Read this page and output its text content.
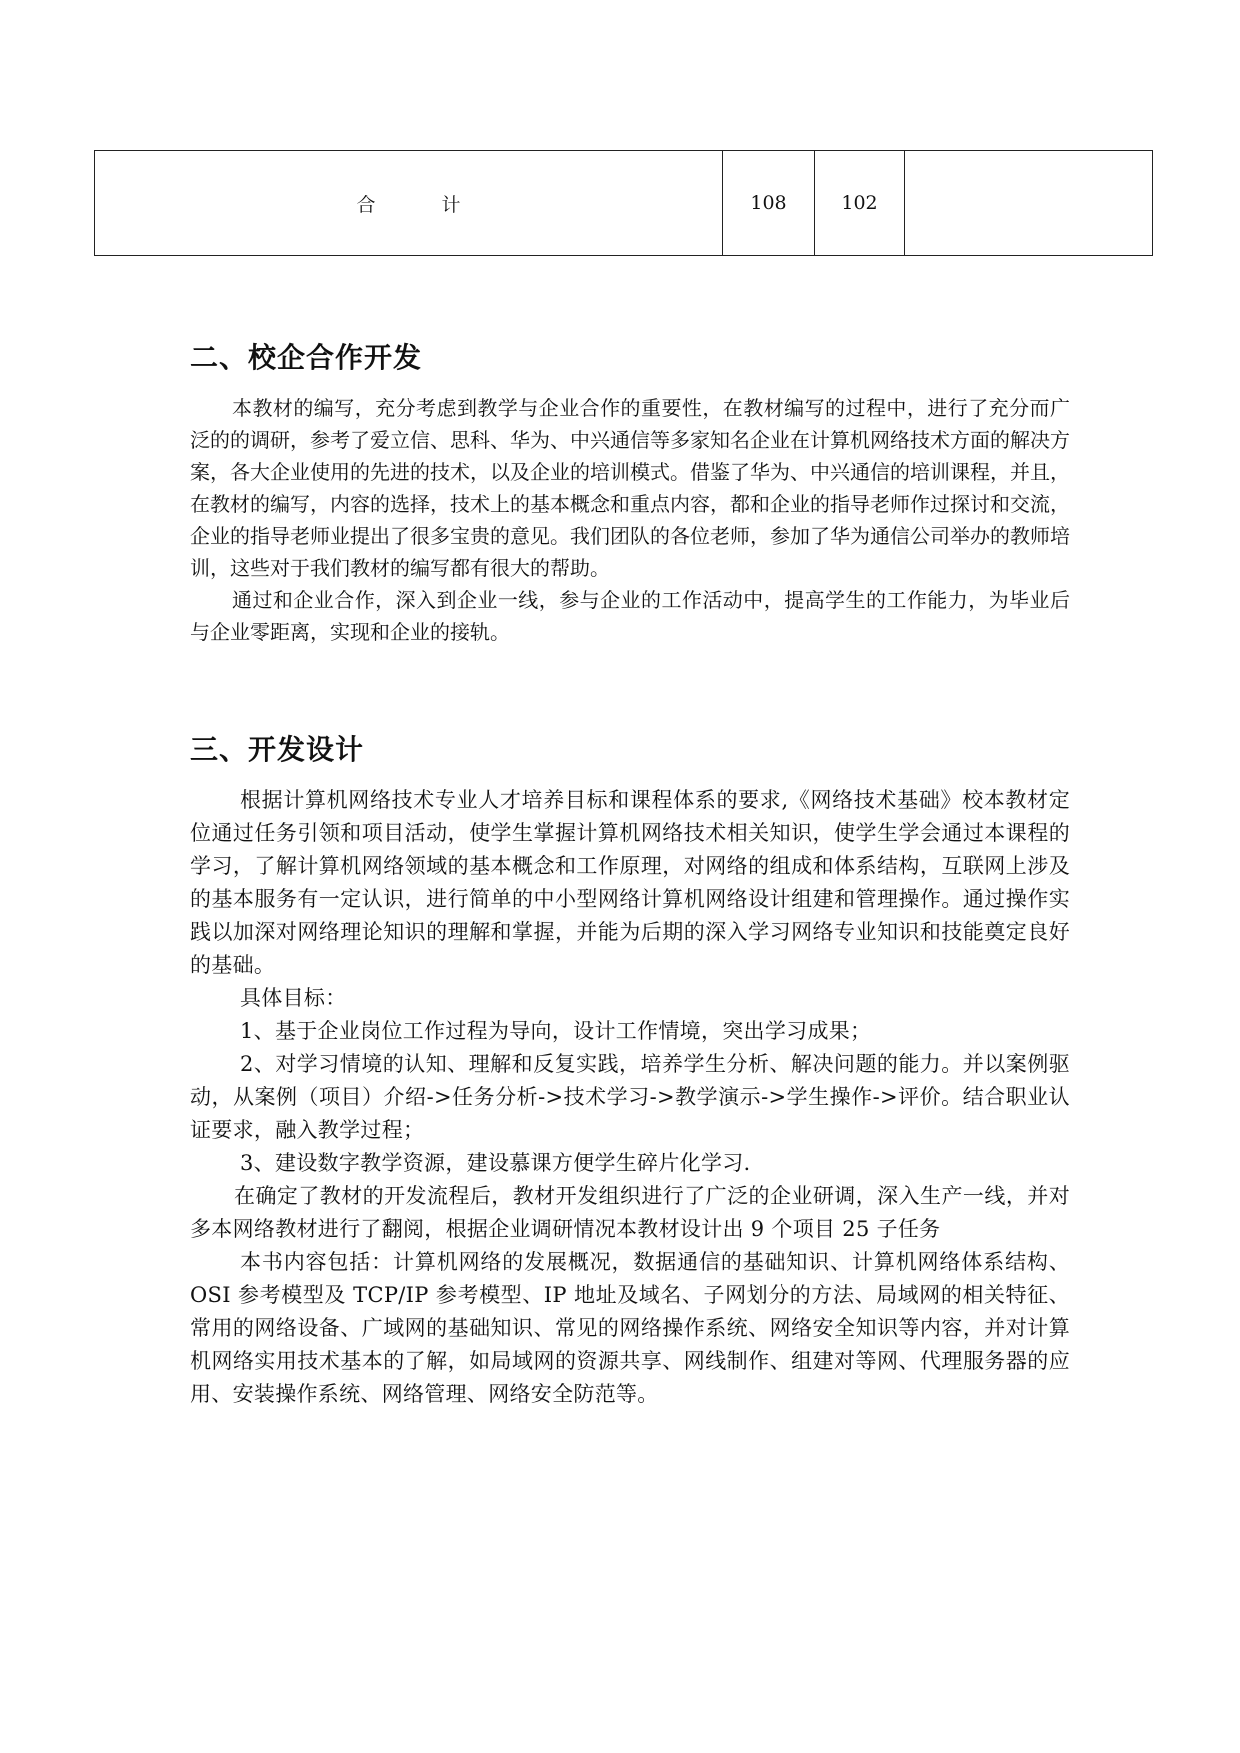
合 计	108	102	
二、校企合作开发

本教材的编写，充分考虑到教学与企业合作的重要性，在教材编写的过程中，进行了充分而广泛的的调研，参考了爱立信、思科、华为、中兴通信等多家知名企业在计算机网络技术方面的解决方案，各大企业使用的先进的技术，以及企业的培训模式。借鉴了华为、中兴通信的培训课程，并且，在教材的编写，内容的选择，技术上的基本概念和重点内容，都和企业的指导老师作过探讨和交流，企业的指导老师业提出了很多宝贵的意见。我们团队的各位老师，参加了华为通信公司举办的教师培训，这些对于我们教材的编写都有很大的帮助。

通过和企业合作，深入到企业一线，参与企业的工作活动中，提高学生的工作能力，为毕业后与企业零距离，实现和企业的接轨。

三、开发设计

根据计算机网络技术专业人才培养目标和课程体系的要求,《网络技术基础》校本教材定位通过任务引领和项目活动，使学生掌握计算机网络技术相关知识，使学生学会通过本课程的学习，了解计算机网络领域的基本概念和工作原理，对网络的组成和体系结构，互联网上涉及的基本服务有一定认识，进行简单的中小型网络计算机网络设计组建和管理操作。通过操作实践以加深对网络理论知识的理解和掌握，并能为后期的深入学习网络专业知识和技能奠定良好的基础。

具体目标：

1、基于企业岗位工作过程为导向，设计工作情境，突出学习成果；

2、对学习情境的认知、理解和反复实践，培养学生分析、解决问题的能力。并以案例驱动，从案例（项目）介绍->任务分析->技术学习->教学演示->学生操作->评价。结合职业认证要求，融入教学过程；

3、建设数字教学资源，建设慕课方便学生碎片化学习.

在确定了教材的开发流程后，教材开发组织进行了广泛的企业研调，深入生产一线，并对多本网络教材进行了翻阅，根据企业调研情况本教材设计出 9 个项目 25 子任务

本书内容包括：计算机网络的发展概况，数据通信的基础知识、计算机网络体系结构、OSI 参考模型及 TCP/IP 参考模型、IP 地址及域名、子网划分的方法、局域网的相关特征、常用的网络设备、广域网的基础知识、常见的网络操作系统、网络安全知识等内容，并对计算机网络实用技术基本的了解，如局域网的资源共享、网线制作、组建对等网、代理服务器的应用、安装操作系统、网络管理、网络安全防范等。
